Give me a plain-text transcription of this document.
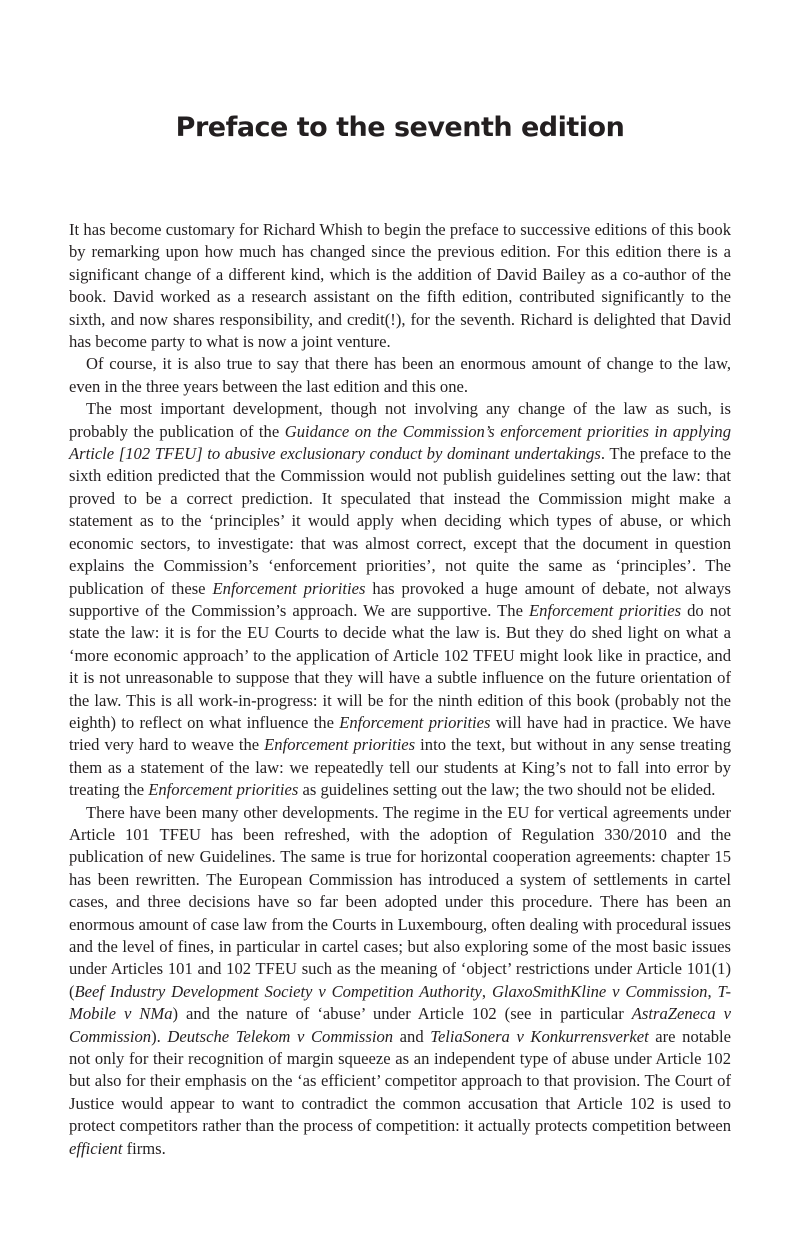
Preface to the seventh edition

It has become customary for Richard Whish to begin the preface to successive editions of this book by remarking upon how much has changed since the previous edition. For this edition there is a significant change of a different kind, which is the addition of David Bailey as a co-author of the book. David worked as a research assistant on the fifth edition, contributed significantly to the sixth, and now shares responsibility, and credit(!), for the seventh. Richard is delighted that David has become party to what is now a joint venture.

Of course, it is also true to say that there has been an enormous amount of change to the law, even in the three years between the last edition and this one.

The most important development, though not involving any change of the law as such, is probably the publication of the Guidance on the Commission’s enforcement priorities in applying Article [102 TFEU] to abusive exclusionary conduct by dominant undertakings. The preface to the sixth edition predicted that the Commission would not publish guidelines setting out the law: that proved to be a correct prediction. It speculated that instead the Commission might make a statement as to the ‘principles’ it would apply when deciding which types of abuse, or which economic sectors, to investigate: that was almost correct, except that the document in question explains the Commission’s ‘enforcement priorities’, not quite the same as ‘principles’. The publication of these Enforcement priorities has provoked a huge amount of debate, not always supportive of the Commission’s approach. We are supportive. The Enforcement priorities do not state the law: it is for the EU Courts to decide what the law is. But they do shed light on what a ‘more economic approach’ to the application of Article 102 TFEU might look like in practice, and it is not unreasonable to suppose that they will have a subtle influence on the future orientation of the law. This is all work-in-progress: it will be for the ninth edition of this book (probably not the eighth) to reflect on what influence the Enforcement priorities will have had in practice. We have tried very hard to weave the Enforcement priorities into the text, but without in any sense treating them as a statement of the law: we repeatedly tell our students at King’s not to fall into error by treating the Enforcement priorities as guidelines setting out the law; the two should not be elided.

There have been many other developments. The regime in the EU for vertical agreements under Article 101 TFEU has been refreshed, with the adoption of Regulation 330/2010 and the publication of new Guidelines. The same is true for horizontal cooperation agreements: chapter 15 has been rewritten. The European Commission has introduced a system of settlements in cartel cases, and three decisions have so far been adopted under this procedure. There has been an enormous amount of case law from the Courts in Luxembourg, often dealing with procedural issues and the level of fines, in particular in cartel cases; but also exploring some of the most basic issues under Articles 101 and 102 TFEU such as the meaning of ‘object’ restrictions under Article 101(1) (Beef Industry Development Society v Competition Authority, GlaxoSmithKline v Commission, T-Mobile v NMa) and the nature of ‘abuse’ under Article 102 (see in particular AstraZeneca v Commission). Deutsche Telekom v Commission and TeliaSonera v Konkurrensverket are notable not only for their recognition of margin squeeze as an independent type of abuse under Article 102 but also for their emphasis on the ‘as efficient’ competitor approach to that provision. The Court of Justice would appear to want to contradict the common accusation that Article 102 is used to protect competitors rather than the process of competition: it actually protects competition between efficient firms.
